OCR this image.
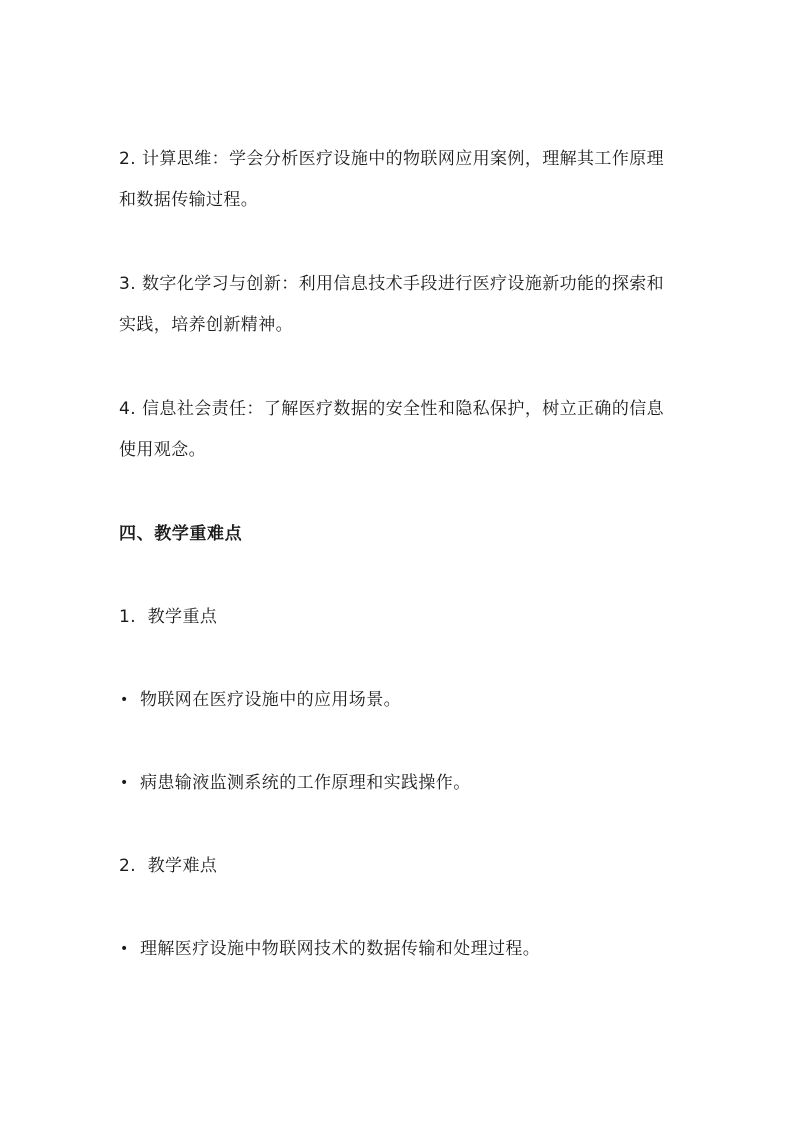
2. 计算思维：学会分析医疗设施中的物联网应用案例，理解其工作原理和数据传输过程。

3. 数字化学习与创新：利用信息技术手段进行医疗设施新功能的探索和实践，培养创新精神。

4. 信息社会责任：了解医疗数据的安全性和隐私保护，树立正确的信息使用观念。

四、教学重难点

1. 教学重点

• 物联网在医疗设施中的应用场景。

• 病患输液监测系统的工作原理和实践操作。

2. 教学难点

• 理解医疗设施中物联网技术的数据传输和处理过程。
